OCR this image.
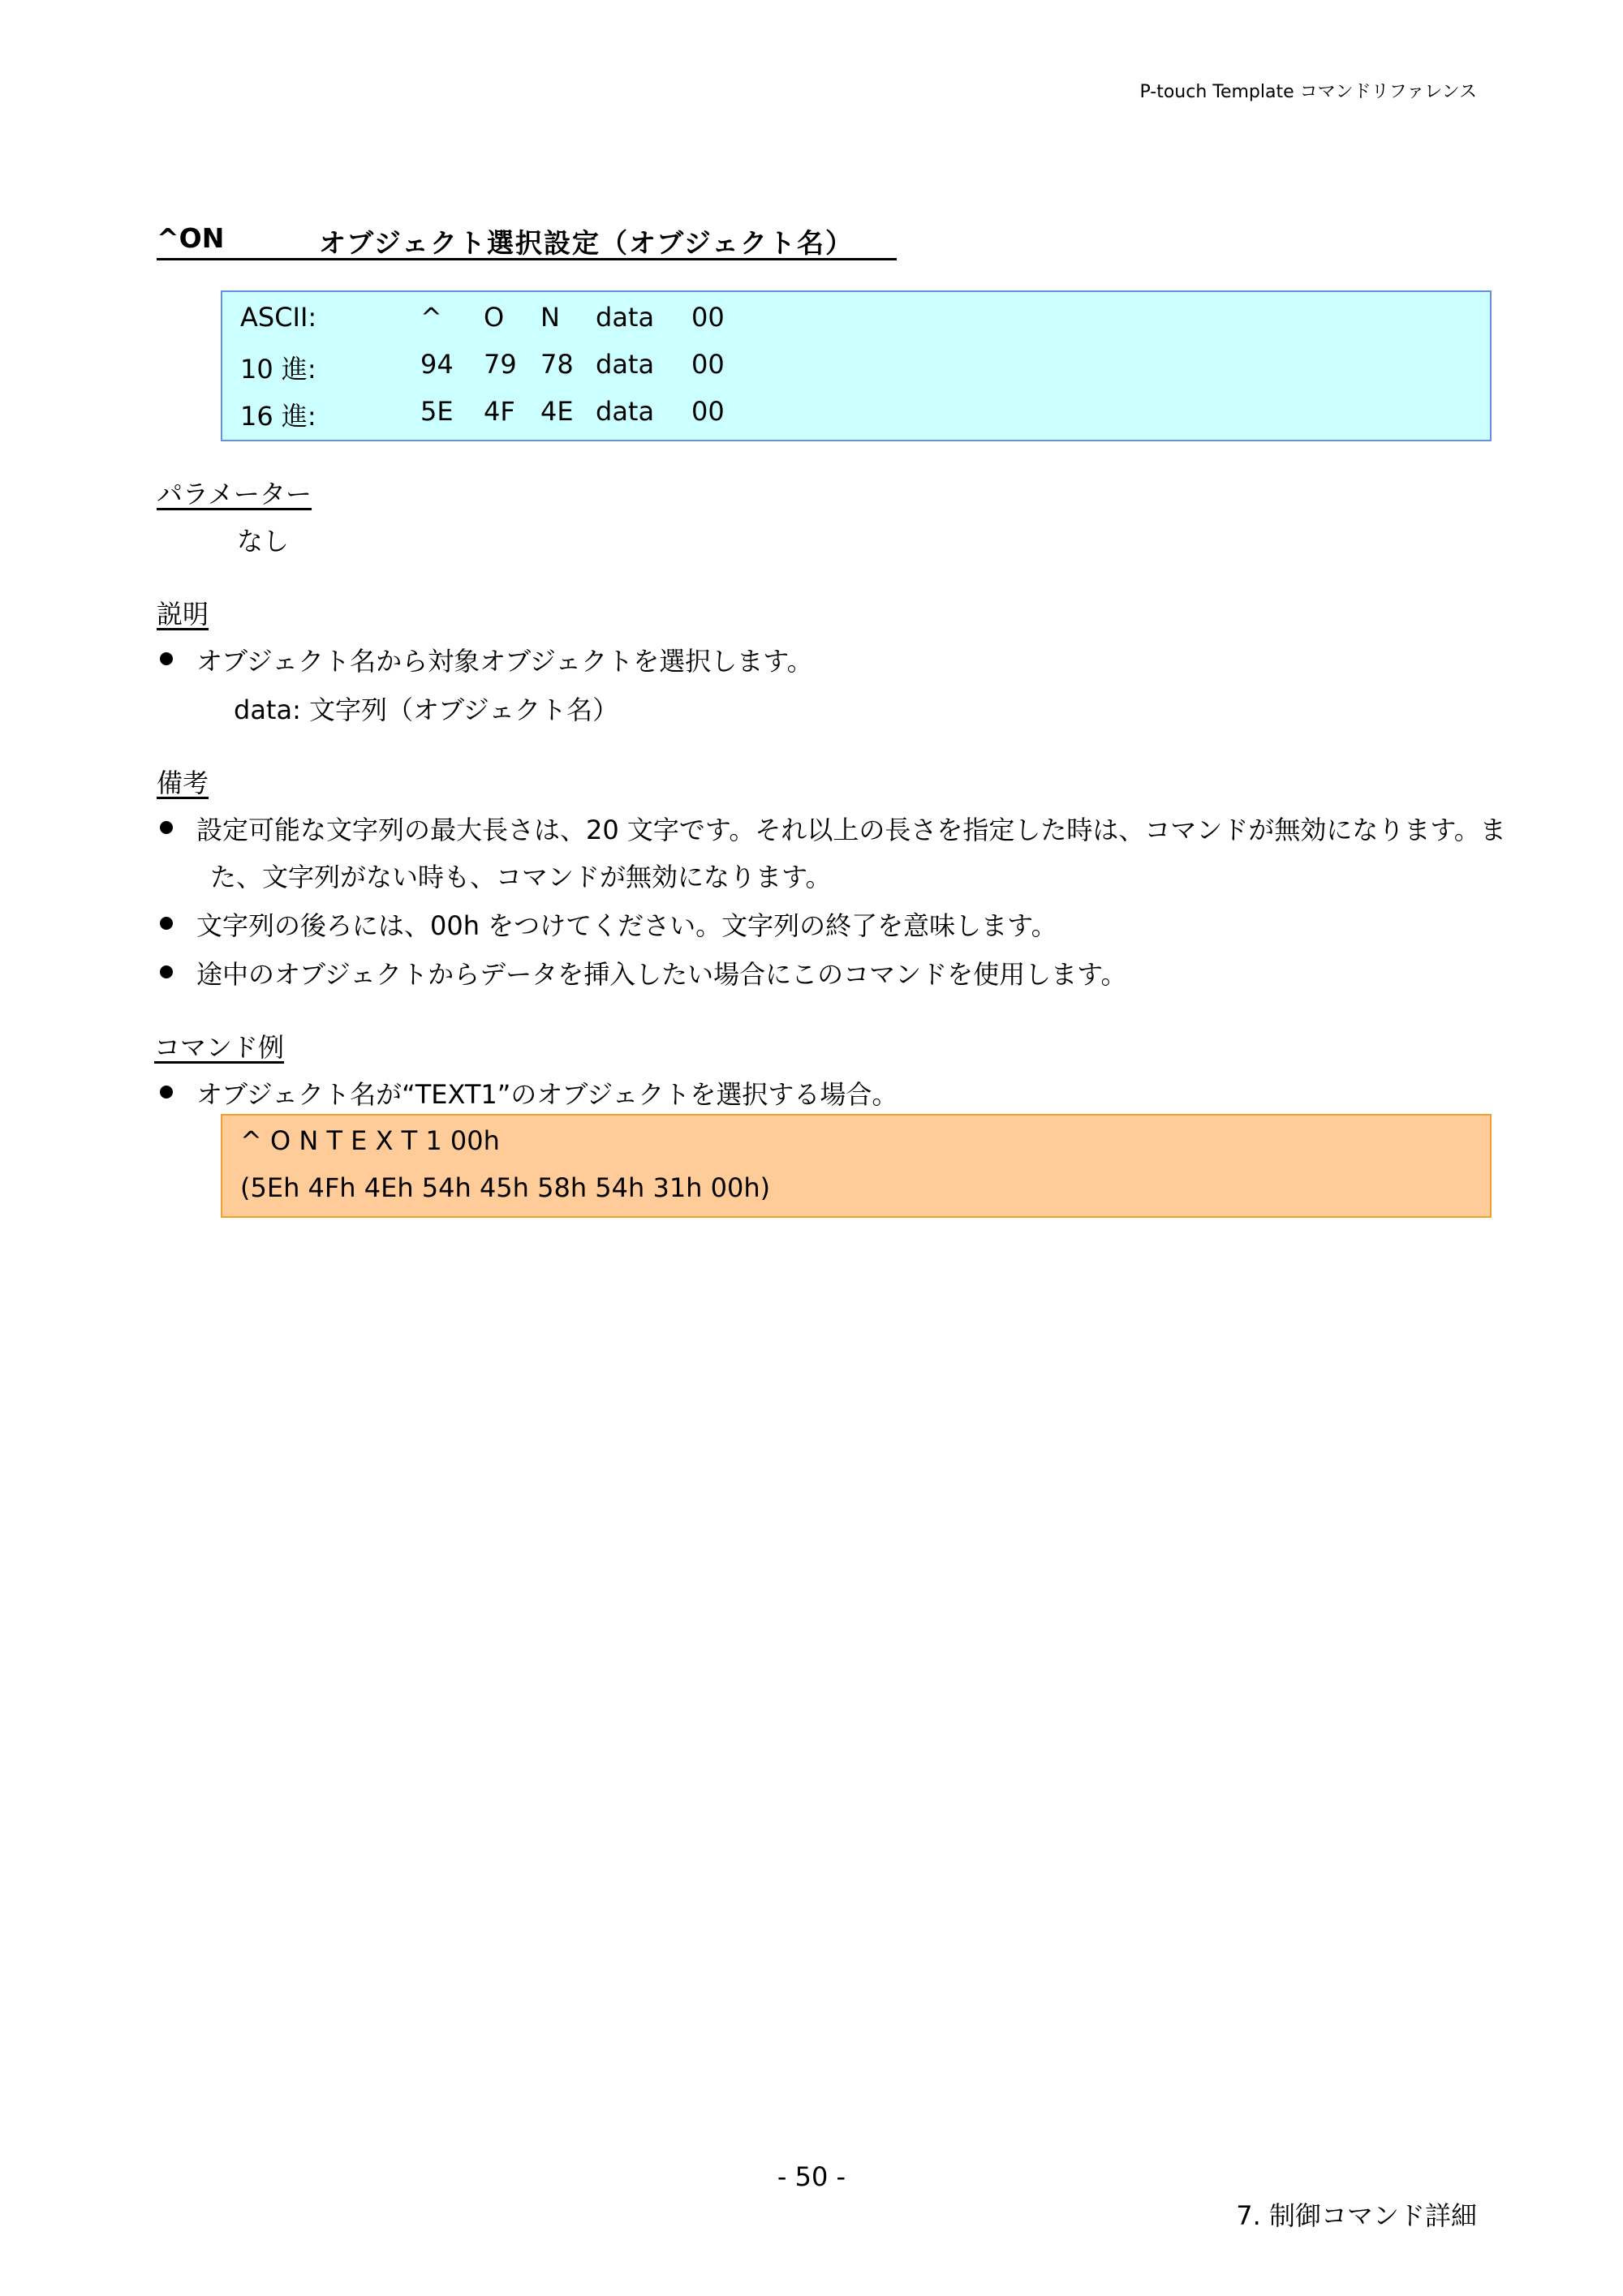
P-touch Template コマンドリファレンス
^ON	オブジェクト選択設定（オブジェクト名）
ASCII:	^ O N data 00
10 進:	94 79 78 data 00
16 進:	5E 4F 4E data 00
パラメーター
なし
説明
オブジェクト名から対象オブジェクトを選択します。
data: 文字列（オブジェクト名）
備考
設定可能な文字列の最大長さは、20 文字です。それ以上の長さを指定した時は、コマンドが無効になります。ま
た、文字列がない時も、コマンドが無効になります。
文字列の後ろには、00h をつけてください。文字列の終了を意味します。
途中のオブジェクトからデータを挿入したい場合にこのコマンドを使用します。
コマンド例
オブジェクト名が“TEXT1”のオブジェクトを選択する場合。
^ O N T E X T 1 00h
(5Eh 4Fh 4Eh 54h 45h 58h 54h 31h 00h)
- 50 -
7. 制御コマンド詳細
